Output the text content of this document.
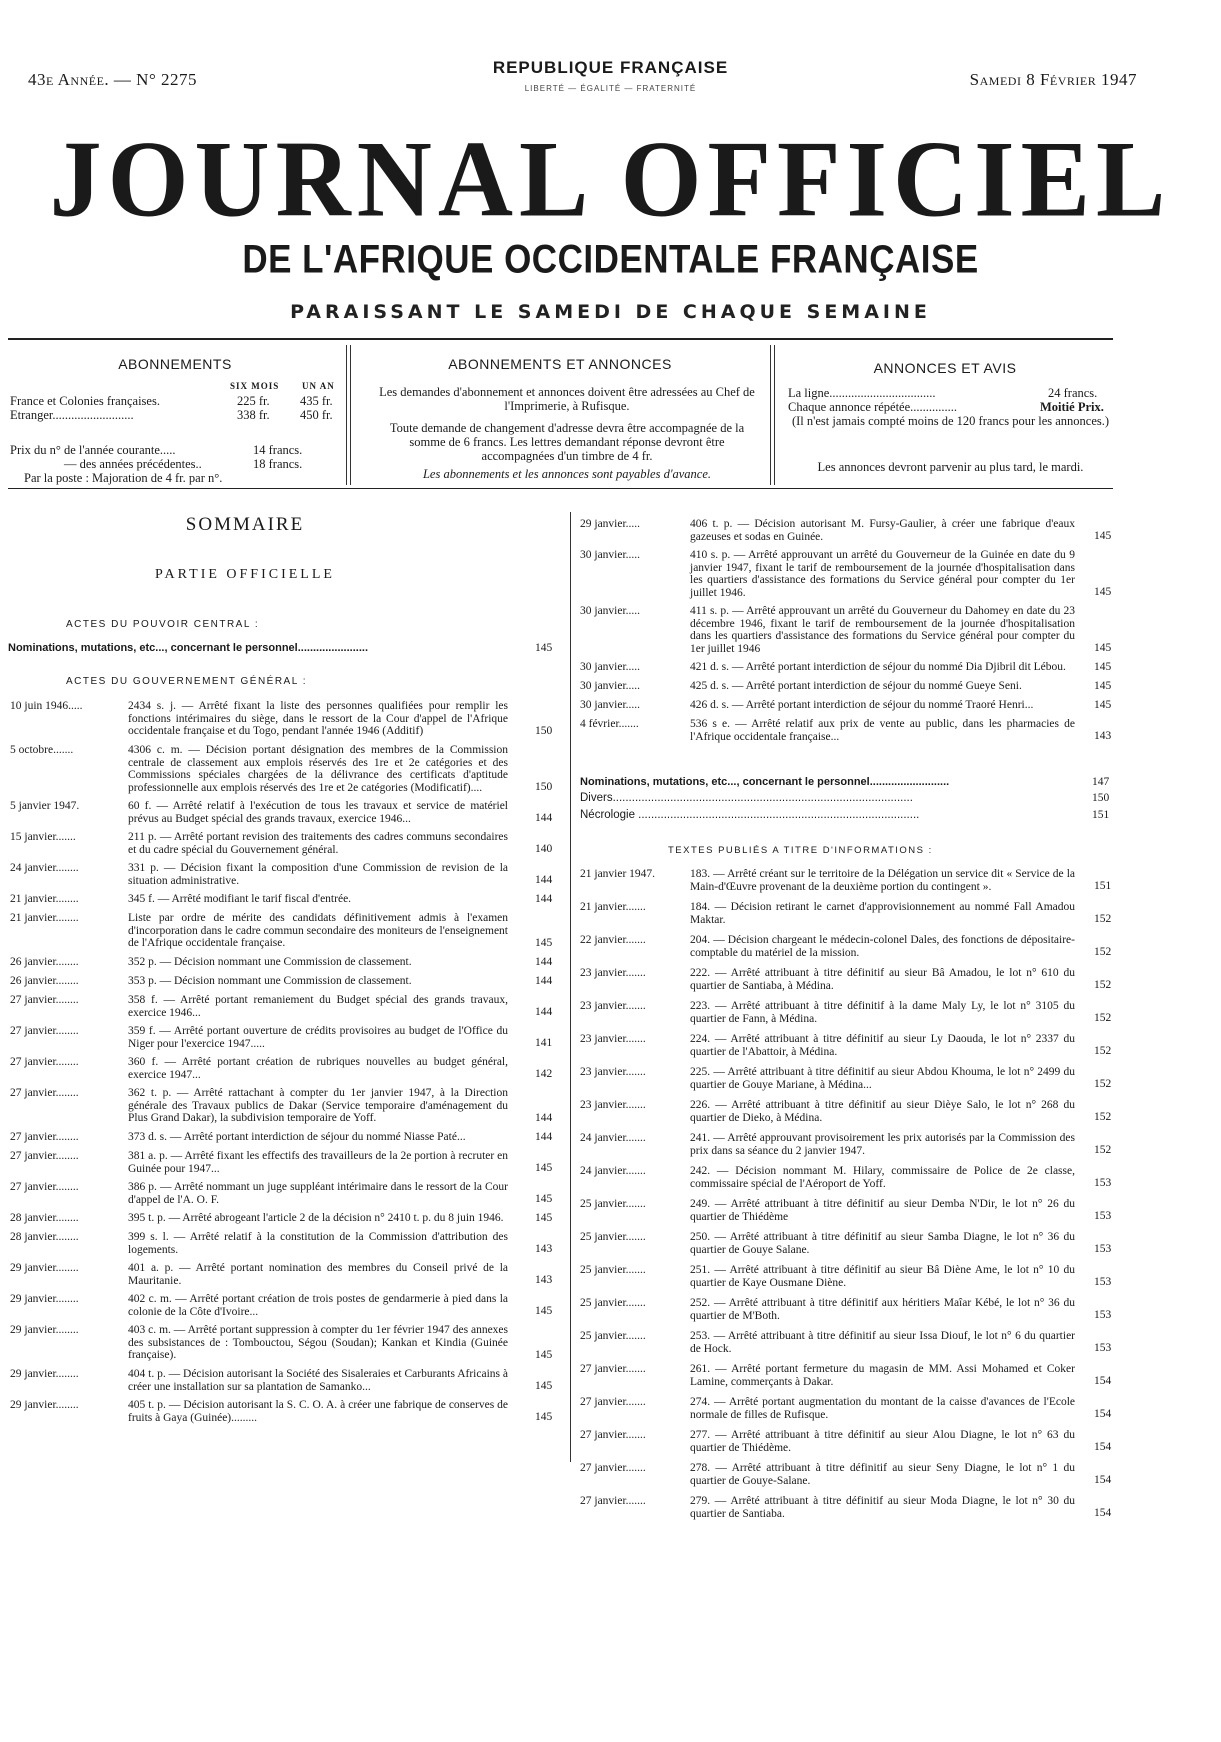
43e Année. — N° 2275
REPUBLIQUE FRANÇAISE
LIBERTÉ — ÉGALITÉ — FRATERNITÉ	Samedi 8 Février 1947
JOURNAL OFFICIEL
DE L'AFRIQUE OCCIDENTALE FRANÇAISE
PARAISSANT LE SAMEDI DE CHAQUE SEMAINE
ABONNEMENTS
SIX MOIS	UN AN
France et Colonies françaises.	225 fr. 435 fr.
Etranger..........................	338 fr. 450 fr.
Prix du n° de l'année courante.....	14 francs.
— des années précédentes..	18 francs.
Par la poste : Majoration de 4 fr. par n°.
ABONNEMENTS ET ANNONCES
Les demandes d'abonnement et annonces doivent être adressées au Chef de l'Imprimerie, à Rufisque.
Toute demande de changement d'adresse devra être accompagnée de la somme de 6 francs. Les lettres demandant réponse devront être accompagnées d'un timbre de 4 fr.
Les abonnements et les annonces sont payables d'avance.
ANNONCES ET AVIS
La ligne..................................	24 francs.
Chaque annonce répétée...............	Moitié Prix.
(Il n'est jamais compté moins de 120 francs pour les annonces.)
Les annonces devront parvenir au plus tard, le mardi.
SOMMAIRE
PARTIE OFFICIELLE
ACTES DU POUVOIR CENTRAL :
Nominations, mutations, etc..., concernant le personnel.......................	145
ACTES DU GOUVERNEMENT GÉNÉRAL :
10 juin 1946.....	2434 s. j. — Arrêté fixant la liste des personnes qualifiées pour remplir les fonctions intérimaires du siège, dans le ressort de la Cour d'appel de l'Afrique occidentale française et du Togo, pendant l'année 1946 (Additif)	150
5 octobre.......	4306 c. m. — Décision portant désignation des membres de la Commission centrale de classement aux emplois réservés des 1re et 2e catégories et des Commissions spéciales chargées de la délivrance des certificats d'aptitude professionnelle aux emplois réservés des 1re et 2e catégories (Modificatif)....	150
5 janvier 1947.	60 f. — Arrêté relatif à l'exécution de tous les travaux et service de matériel prévus au Budget spécial des grands travaux, exercice 1946...	144
15 janvier.......	211 p. — Arrêté portant revision des traitements des cadres communs secondaires et du cadre spécial du Gouvernement général.	140
24 janvier........	331 p. — Décision fixant la composition d'une Commission de revision de la situation administrative.	144
21 janvier........	345 f. — Arrêté modifiant le tarif fiscal d'entrée.	144
21 janvier........	Liste par ordre de mérite des candidats définitivement admis à l'examen d'incorporation dans le cadre commun secondaire des moniteurs de l'enseignement de l'Afrique occidentale française.	145
26 janvier........	352 p. — Décision nommant une Commission de classement.	144
26 janvier........	353 p. — Décision nommant une Commission de classement.	144
27 janvier........	358 f. — Arrêté portant remaniement du Budget spécial des grands travaux, exercice 1946...	144
27 janvier........	359 f. — Arrêté portant ouverture de crédits provisoires au budget de l'Office du Niger pour l'exercice 1947.....	141
27 janvier........	360 f. — Arrêté portant création de rubriques nouvelles au budget général, exercice 1947...	142
27 janvier........	362 t. p. — Arrêté rattachant à compter du 1er janvier 1947, à la Direction générale des Travaux publics de Dakar (Service temporaire d'aménagement du Plus Grand Dakar), la subdivision temporaire de Yoff.	144
27 janvier........	373 d. s. — Arrêté portant interdiction de séjour du nommé Niasse Paté...	144
27 janvier........	381 a. p. — Arrêté fixant les effectifs des travailleurs de la 2e portion à recruter en Guinée pour 1947...	145
27 janvier........	386 p. — Arrêté nommant un juge suppléant intérimaire dans le ressort de la Cour d'appel de l'A. O. F.	145
28 janvier........	395 t. p. — Arrêté abrogeant l'article 2 de la décision n° 2410 t. p. du 8 juin 1946.	145
28 janvier........	399 s. l. — Arrêté relatif à la constitution de la Commission d'attribution des logements.	143
29 janvier........	401 a. p. — Arrêté portant nomination des membres du Conseil privé de la Mauritanie.	143
29 janvier........	402 c. m. — Arrêté portant création de trois postes de gendarmerie à pied dans la colonie de la Côte d'Ivoire...	145
29 janvier........	403 c. m. — Arrêté portant suppression à compter du 1er février 1947 des annexes des subsistances de : Tombouctou, Ségou (Soudan); Kankan et Kindia (Guinée française).	145
29 janvier........	404 t. p. — Décision autorisant la Société des Sisaleraies et Carburants Africains à créer une installation sur sa plantation de Samanko...	145
29 janvier........	405 t. p. — Décision autorisant la S. C. O. A. à créer une fabrique de conserves de fruits à Gaya (Guinée).........	145
29 janvier.....	406 t. p. — Décision autorisant M. Fursy-Gaulier, à créer une fabrique d'eaux gazeuses et sodas en Guinée.	145
30 janvier.....	410 s. p. — Arrêté approuvant un arrêté du Gouverneur de la Guinée en date du 9 janvier 1947, fixant le tarif de remboursement de la journée d'hospitalisation dans les quartiers d'assistance des formations du Service général pour compter du 1er juillet 1946.	145
30 janvier.....	411 s. p. — Arrêté approuvant un arrêté du Gouverneur du Dahomey en date du 23 décembre 1946, fixant le tarif de remboursement de la journée d'hospitalisation dans les quartiers d'assistance des formations du Service général pour compter du 1er juillet 1946	145
30 janvier.....	421 d. s. — Arrêté portant interdiction de séjour du nommé Dia Djibril dit Lébou.	145
30 janvier.....	425 d. s. — Arrêté portant interdiction de séjour du nommé Gueye Seni.	145
30 janvier.....	426 d. s. — Arrêté portant interdiction de séjour du nommé Traoré Henri...	145
4 février.......	536 s e. — Arrêté relatif aux prix de vente au public, dans les pharmacies de l'Afrique occidentale française...	143
Nominations, mutations, etc..., concernant le personnel..........................	147
Divers..............................................................................................	150
Nécrologie ........................................................................................	151
TEXTES PUBLIÉS A TITRE D'INFORMATIONS :
21 janvier 1947.	183. — Arrêté créant sur le territoire de la Délégation un service dit « Service de la Main-d'Œuvre provenant de la deuxième portion du contingent ».	151
21 janvier.......	184. — Décision retirant le carnet d'approvisionnement au nommé Fall Amadou Maktar.	152
22 janvier.......	204. — Décision chargeant le médecin-colonel Dales, des fonctions de dépositaire-comptable du matériel de la mission.	152
23 janvier.......	222. — Arrêté attribuant à titre définitif au sieur Bâ Amadou, le lot n° 610 du quartier de Santiaba, à Médina.	152
23 janvier.......	223. — Arrêté attribuant à titre définitif à la dame Maly Ly, le lot n° 3105 du quartier de Fann, à Médina.	152
23 janvier.......	224. — Arrêté attribuant à titre définitif au sieur Ly Daouda, le lot n° 2337 du quartier de l'Abattoir, à Médina.	152
23 janvier.......	225. — Arrêté attribuant à titre définitif au sieur Abdou Khouma, le lot n° 2499 du quartier de Gouye Mariane, à Médina...	152
23 janvier.......	226. — Arrêté attribuant à titre définitif au sieur Dièye Salo, le lot n° 268 du quartier de Dieko, à Médina.	152
24 janvier.......	241. — Arrêté approuvant provisoirement les prix autorisés par la Commission des prix dans sa séance du 2 janvier 1947.	152
24 janvier.......	242. — Décision nommant M. Hilary, commissaire de Police de 2e classe, commissaire spécial de l'Aéroport de Yoff.	153
25 janvier.......	249. — Arrêté attribuant à titre définitif au sieur Demba N'Dir, le lot n° 26 du quartier de Thiédème	153
25 janvier.......	250. — Arrêté attribuant à titre définitif au sieur Samba Diagne, le lot n° 36 du quartier de Gouye Salane.	153
25 janvier.......	251. — Arrêté attribuant à titre définitif au sieur Bâ Diène Ame, le lot n° 10 du quartier de Kaye Ousmane Diène.	153
25 janvier.......	252. — Arrêté attribuant à titre définitif aux héritiers Maîar Kébé, le lot n° 36 du quartier de M'Both.	153
25 janvier.......	253. — Arrêté attribuant à titre définitif au sieur Issa Diouf, le lot n° 6 du quartier de Hock.	153
27 janvier.......	261. — Arrêté portant fermeture du magasin de MM. Assi Mohamed et Coker Lamine, commerçants à Dakar.	154
27 janvier.......	274. — Arrêté portant augmentation du montant de la caisse d'avances de l'Ecole normale de filles de Rufisque.	154
27 janvier.......	277. — Arrêté attribuant à titre définitif au sieur Alou Diagne, le lot n° 63 du quartier de Thiédème.	154
27 janvier.......	278. — Arrêté attribuant à titre définitif au sieur Seny Diagne, le lot n° 1 du quartier de Gouye-Salane.	154
27 janvier.......	279. — Arrêté attribuant à titre définitif au sieur Moda Diagne, le lot n° 30 du quartier de Santiaba.	154
